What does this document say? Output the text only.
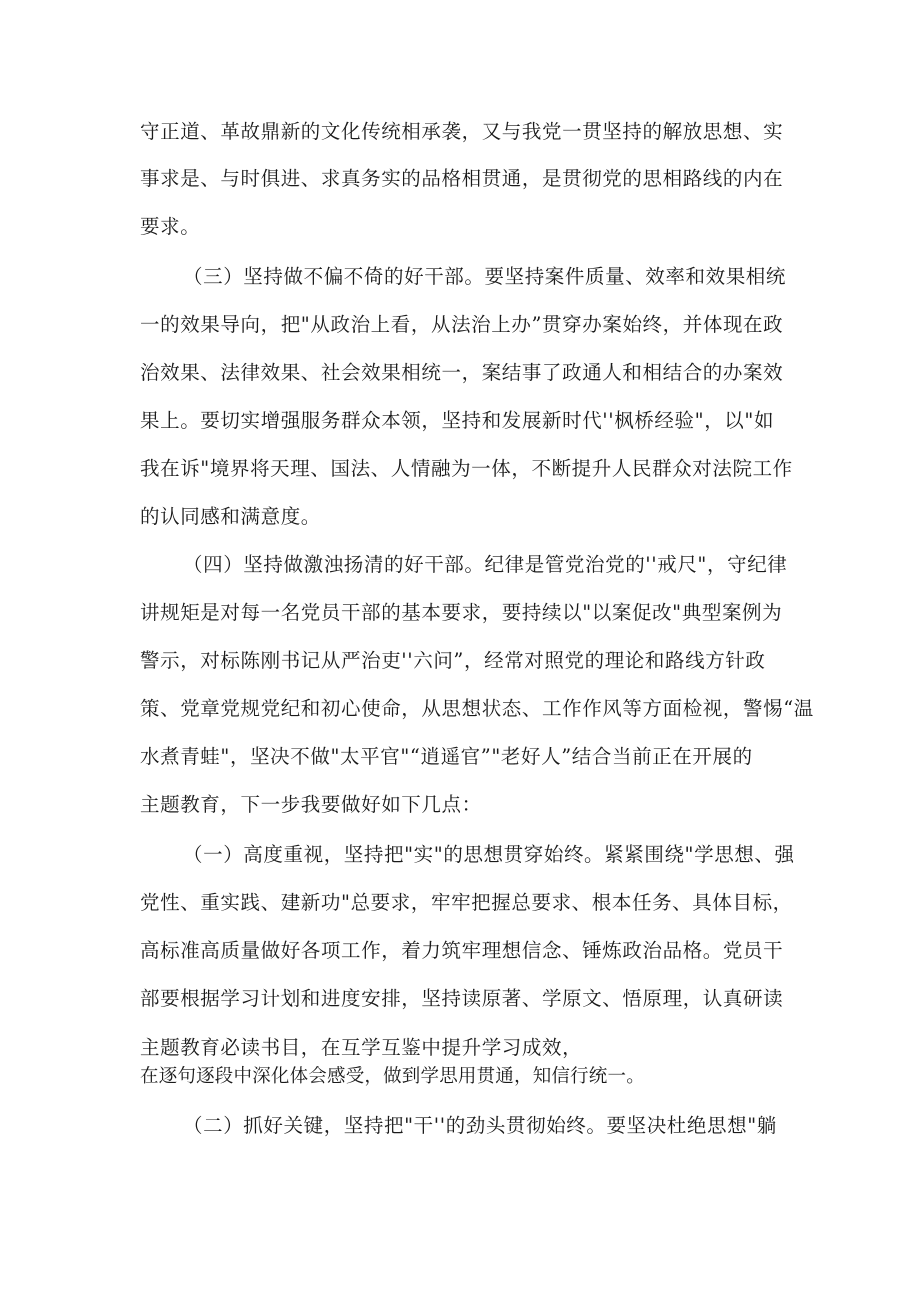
守正道、革故鼎新的文化传统相承袭，又与我党一贯坚持的解放思想、实
事求是、与时俱进、求真务实的品格相贯通，是贯彻党的思相路线的内在
要求。
（三）坚持做不偏不倚的好干部。要坚持案件质量、效率和效果相统
一的效果导向，把"从政治上看，从法治上办”贯穿办案始终，并体现在政
治效果、法律效果、社会效果相统一，案结事了政通人和相结合的办案效
果上。要切实增强服务群众本领，坚持和发展新时代''枫桥经验"，以"如
我在诉"境界将天理、国法、人情融为一体，不断提升人民群众对法院工作
的认同感和满意度。
（四）坚持做激浊扬清的好干部。纪律是管党治党的''戒尺"，守纪律
讲规矩是对每一名党员干部的基本要求，要持续以"以案促改"典型案例为
警示，对标陈刚书记从严治吏''六问”，经常对照党的理论和路线方针政
策、党章党规党纪和初心使命，从思想状态、工作作风等方面检视，警惕“温
水煮青蛙"，坚决不做"太平官"“逍遥官”"老好人”结合当前正在开展的
主题教育，下一步我要做好如下几点：
（一）高度重视，坚持把"实"的思想贯穿始终。紧紧围绕"学思想、强
党性、重实践、建新功"总要求，牢牢把握总要求、根本任务、具体目标，
高标准高质量做好各项工作，着力筑牢理想信念、锤炼政治品格。党员干
部要根据学习计划和进度安排，坚持读原著、学原文、悟原理，认真研读
主题教育必读书目，在互学互鉴中提升学习成效，
在逐句逐段中深化体会感受，做到学思用贯通，知信行统一。
（二）抓好关键，坚持把"干''的劲头贯彻始终。要坚决杜绝思想"躺
